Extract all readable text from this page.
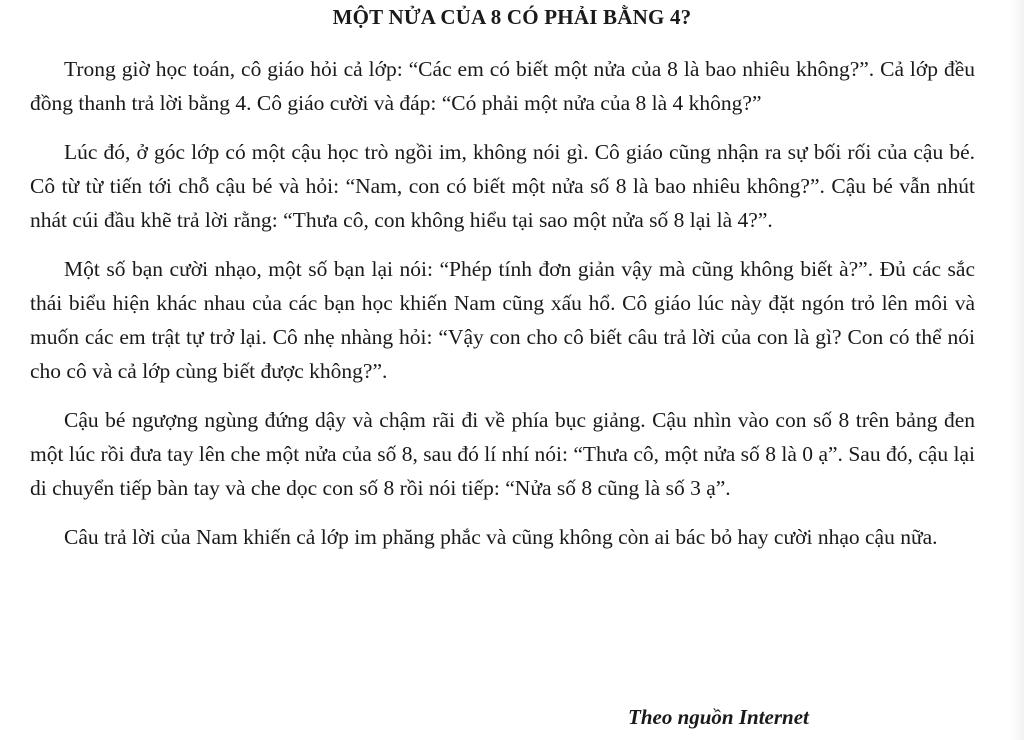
MỘT NỬA CỦA 8 CÓ PHẢI BẰNG 4?

Trong giờ học toán, cô giáo hỏi cả lớp: “Các em có biết một nửa của 8 là bao nhiêu không?”. Cả lớp đều đồng thanh trả lời bằng 4. Cô giáo cười và đáp: “Có phải một nửa của 8 là 4 không?”

Lúc đó, ở góc lớp có một cậu học trò ngồi im, không nói gì. Cô giáo cũng nhận ra sự bối rối của cậu bé. Cô từ từ tiến tới chỗ cậu bé và hỏi: “Nam, con có biết một nửa số 8 là bao nhiêu không?”. Cậu bé vẫn nhút nhát cúi đầu khẽ trả lời rằng: “Thưa cô, con không hiểu tại sao một nửa số 8 lại là 4?”.

Một số bạn cười nhạo, một số bạn lại nói: “Phép tính đơn giản vậy mà cũng không biết à?”. Đủ các sắc thái biểu hiện khác nhau của các bạn học khiến Nam cũng xấu hổ. Cô giáo lúc này đặt ngón trỏ lên môi và muốn các em trật tự trở lại. Cô nhẹ nhàng hỏi: “Vậy con cho cô biết câu trả lời của con là gì? Con có thể nói cho cô và cả lớp cùng biết được không?”.

Cậu bé ngượng ngùng đứng dậy và chậm rãi đi về phía bục giảng. Cậu nhìn vào con số 8 trên bảng đen một lúc rồi đưa tay lên che một nửa của số 8, sau đó lí nhí nói: “Thưa cô, một nửa số 8 là 0 ạ”. Sau đó, cậu lại di chuyển tiếp bàn tay và che dọc con số 8 rồi nói tiếp: “Nửa số 8 cũng là số 3 ạ”.

Câu trả lời của Nam khiến cả lớp im phăng phắc và cũng không còn ai bác bỏ hay cười nhạo cậu nữa.

Theo nguồn Internet
